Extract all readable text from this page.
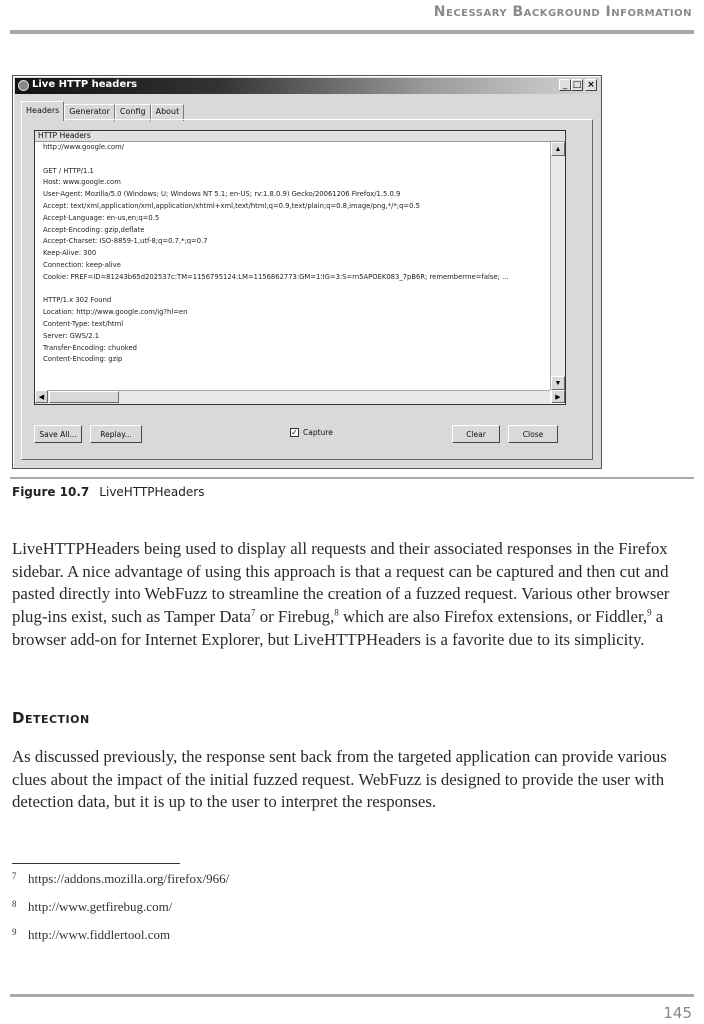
Necessary Background Information
Live HTTP headers	_ □ ×
Headers	Generator	Config	About
HTTP Headers
http://www.google.com/
GET / HTTP/1.1
Host: www.google.com
User-Agent: Mozilla/5.0 (Windows; U; Windows NT 5.1; en-US; rv:1.8.0.9) Gecko/20061206 Firefox/1.5.0.9
Accept: text/xml,application/xml,application/xhtml+xml,text/html;q=0.9,text/plain;q=0.8,image/png,*/*;q=0.5
Accept-Language: en-us,en;q=0.5
Accept-Encoding: gzip,deflate
Accept-Charset: ISO-8859-1,utf-8;q=0.7,*;q=0.7
Keep-Alive: 300
Connection: keep-alive
Cookie: PREF=ID=81243b65d202537c:TM=1156795124:LM=1156862773:GM=1:IG=3:S=rn5APOEK083_7pB6R; rememberme=false; ...
HTTP/1.x 302 Found
Location: http://www.google.com/ig?hl=en
Content-Type: text/html
Server: GWS/2.1
Transfer-Encoding: chunked
Content-Encoding: gzip
▲
▼
◀	▶
Save All...	Replay...	✓ Capture	Clear	Close
Figure 10.7 LiveHTTPHeaders
LiveHTTPHeaders being used to display all requests and their associated responses in the Firefox sidebar. A nice advantage of using this approach is that a request can be captured and then cut and pasted directly into WebFuzz to streamline the creation of a fuzzed request. Various other browser plug-ins exist, such as Tamper Data$^7$ or Firebug,$^8$ which are also Firefox extensions, or Fiddler,$^9$ a browser add-on for Internet Explorer, but LiveHTTPHeaders is a favorite due to its simplicity.
Detection
As discussed previously, the response sent back from the targeted application can provide various clues about the impact of the initial fuzzed request. WebFuzz is designed to provide the user with detection data, but it is up to the user to interpret the responses.
7 https://addons.mozilla.org/firefox/966/
8 http://www.getfirebug.com/
9 http://www.fiddlertool.com
145
